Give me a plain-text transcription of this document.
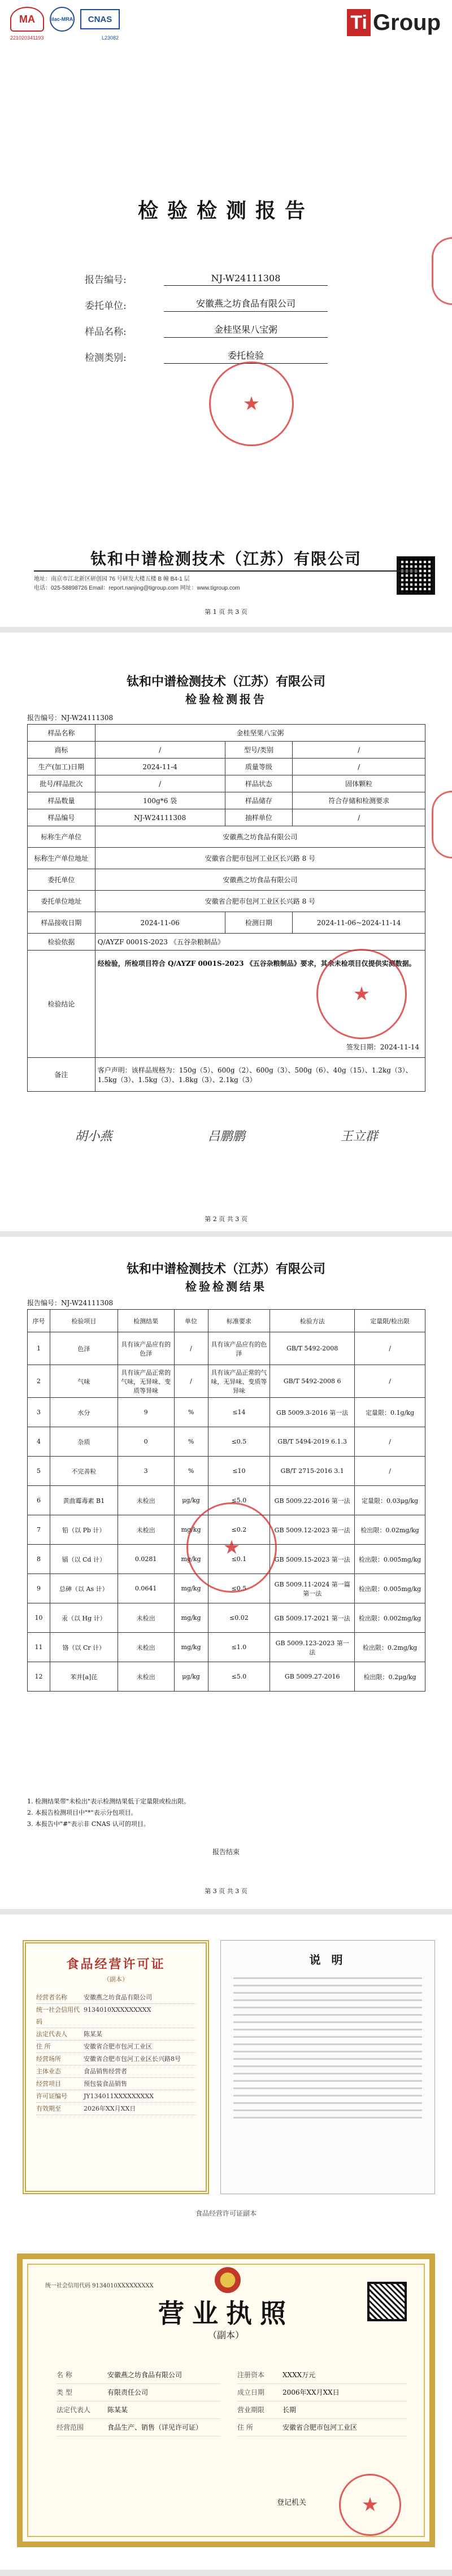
MA	ilac-MRA	CNAS
221020341193	L23082
Ti Group
检验检测报告
报告编号:	NJ-W24111308
委托单位:	安徽燕之坊食品有限公司
样品名称:	金桂坚果八宝粥
检测类别:	委托检验
★
钛和中谱检测技术（江苏）有限公司
地址：南京市江北新区研创园 76 号研发大楼五楼 B 幢 B4-1 层
电话：025-58898726 Email：report.nanjing@tigroup.com 网址：www.tigroup.com
第 1 页 共 3 页
钛和中谱检测技术（江苏）有限公司
检验检测报告
报告编号：NJ-W24111308
样品名称	金桂坚果八宝粥		
商标	/	型号/类别	/
生产(加工)日期	2024-11-4	质量等级	/
批号/样品批次	/	样品状态	固体颗粒
样品数量	100g*6 袋	样品储存	符合存储和检测要求
样品编号	NJ-W24111308	抽样单位	/
标称生产单位	安徽燕之坊食品有限公司		
标称生产单位地址	安徽省合肥市包河工业区长兴路 8 号		
委托单位	安徽燕之坊食品有限公司		
委托单位地址	安徽省合肥市包河工业区长兴路 8 号		
样品接收日期	2024-11-06	检测日期	2024-11-06~2024-11-14
检验依据	Q/AYZF 0001S-2023 《五谷杂粮制品》		
检验结论	经检验，所检项目符合 Q/AYZF 0001S-2023 《五谷杂粮制品》要求，其余未检项目仅提供实测数据。
签发日期：2024-11-14		

备注	客户声明：该样品规格为：150g（5）、600g（2）、600g（3）、500g（6）、40g（15）、1.2kg（3）、1.5kg（3）、1.5kg（3）、1.8kg（3）、2.1kg（3）		
★
胡小燕	吕鹏鹏	王立群
第 2 页 共 3 页
钛和中谱检测技术（江苏）有限公司
检验检测结果
报告编号：NJ-W24111308
序号	检验项目	检测结果	单位	标准要求	检验方法	定量限/检出限
1	色泽	具有该产品应有的色泽	/	具有该产品应有的色泽	GB/T 5492-2008	/
2	气味	具有该产品正常的气味，无异味、变质等异味	/	具有该产品正常的气味，无异味、变质等异味	GB/T 5492-2008 6	/
3	水分	9	%	≤14	GB 5009.3-2016 第一法	定量限：0.1g/kg
4	杂质	0	%	≤0.5	GB/T 5494-2019 6.1.3	/
5	不完善粒	3	%	≤10	GB/T 2715-2016 3.1	/
6	黄曲霉毒素 B1	未检出	μg/kg	≤5.0	GB 5009.22-2016 第一法	定量限：0.03μg/kg
7	铅（以 Pb 计）	未检出	mg/kg	≤0.2	GB 5009.12-2023 第一法	检出限：0.02mg/kg
8	镉（以 Cd 计）	0.0281	mg/kg	≤0.1	GB 5009.15-2023 第一法	检出限：0.005mg/kg
9	总砷（以 As 计）	0.0641	mg/kg	≤0.5	GB 5009.11-2024 第一篇 第一法	检出限：0.005mg/kg
10	汞（以 Hg 计）	未检出	mg/kg	≤0.02	GB 5009.17-2021 第一法	检出限：0.002mg/kg
11	铬（以 Cr 计）	未检出	mg/kg	≤1.0	GB 5009.123-2023 第一法	检出限：0.2mg/kg
12	苯并[a]芘	未检出	μg/kg	≤5.0	GB 5009.27-2016	检出限：0.2μg/kg
★
1. 检测结果带"未检出"表示检测结果低于定量限或检出限。
2. 本报告检测项目中"*"表示分包项目。
3. 本报告中"#"表示非 CNAS 认可的项目。
报告结束
第 3 页 共 3 页
食品经营许可证
（副本）
经营者名称	安徽燕之坊食品有限公司
统一社会信用代码
9134010XXXXXXXXX
法定代表人	陈某某
住 所	安徽省合肥市包河工业区
经营场所	安徽省合肥市包河工业区长兴路8号
主体业态	食品销售经营者
经营项目	预包装食品销售
许可证编号	JY134011XXXXXXXXX
有效期至	2026年XX月XX日
说 明
食品经营许可证副本
统一社会信用代码 9134010XXXXXXXXX
营业执照
（副本）
名 称	安徽燕之坊食品有限公司
类 型	有限责任公司
法定代表人	陈某某
经营范围	食品生产、销售（详见许可证）
注册资本	XXXX万元
成立日期	2006年XX月XX日
营业期限	长期
住 所	安徽省合肥市包河工业区
★
登记机关
